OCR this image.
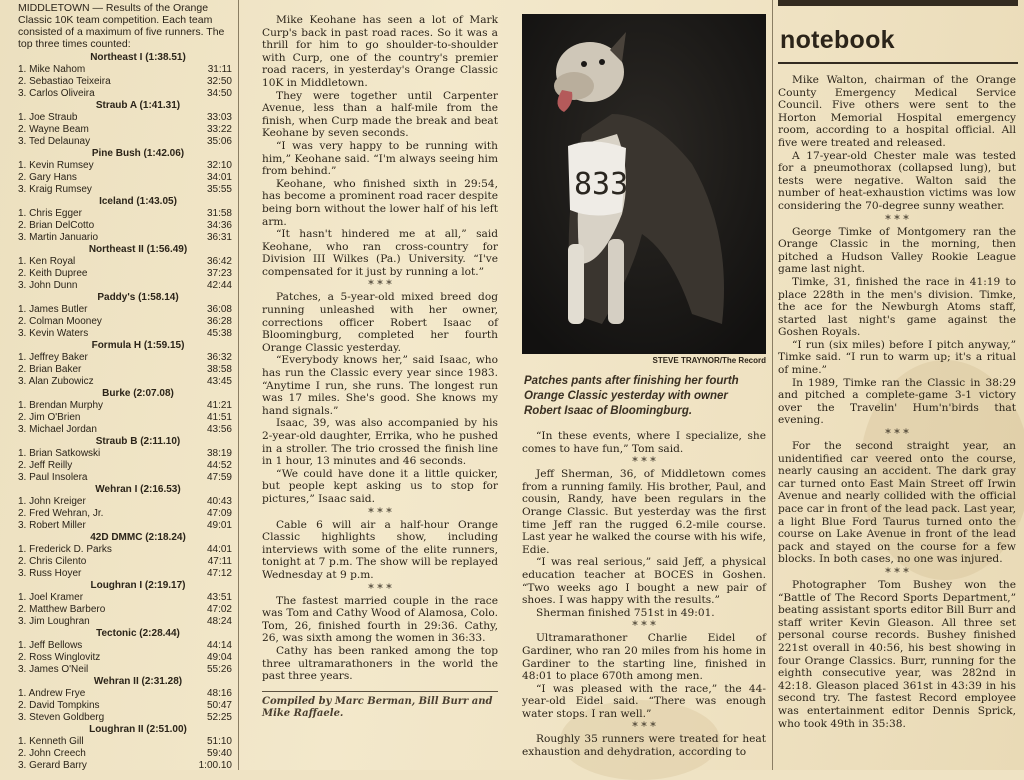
MIDDLETOWN — Results of the Orange Classic 10K team competition. Each team consisted of a maximum of five runners. The top three times counted:
Northeast I (1:38.51)
1. Mike Nahom	31:11
2. Sebastiao Teixeira	32:50
3. Carlos Oliveira	34:50
Straub A (1:41.31)
1. Joe Straub	33:03
2. Wayne Beam	33:22
3. Ted Delaunay	35:06
Pine Bush (1:42.06)
1. Kevin Rumsey	32:10
2. Gary Hans	34:01
3. Kraig Rumsey	35:55
Iceland (1:43.05)
1. Chris Egger	31:58
2. Brian DelCotto	34:36
3. Martin Januario	36:31
Northeast II (1:56.49)
1. Ken Royal	36:42
2. Keith Dupree	37:23
3. John Dunn	42:44
Paddy's (1:58.14)
1. James Butler	36:08
2. Colman Mooney	36:28
3. Kevin Waters	45:38
Formula H (1:59.15)
1. Jeffrey Baker	36:32
2. Brian Baker	38:58
3. Alan Zubowicz	43:45
Burke (2:07.08)
1. Brendan Murphy	41:21
2. Jim O'Brien	41:51
3. Michael Jordan	43:56
Straub B (2:11.10)
1. Brian Satkowski	38:19
2. Jeff Reilly	44:52
3. Paul Insolera	47:59
Wehran I (2:16.53)
1. John Kreiger	40:43
2. Fred Wehran, Jr.	47:09
3. Robert Miller	49:01
42D DMMC (2:18.24)
1. Frederick D. Parks	44:01
2. Chris Cilento	47:11
3. Russ Hoyer	47:12
Loughran I (2:19.17)
1. Joel Kramer	43:51
2. Matthew Barbero	47:02
3. Jim Loughran	48:24
Tectonic (2:28.44)
1. Jeff Bellows	44:14
2. Ross Winglovitz	49:04
3. James O'Neil	55:26
Wehran II (2:31.28)
1. Andrew Frye	48:16
2. David Tompkins	50:47
3. Steven Goldberg	52:25
Loughran II (2:51.00)
1. Kenneth Gill	51:10
2. John Creech	59:40
3. Gerard Barry	1:00.10

Mike Keohane has seen a lot of Mark Curp's back in past road races. So it was a thrill for him to go shoulder-to-shoulder with Curp, one of the country's premier road racers, in yesterday's Orange Classic 10K in Middletown.

They were together until Carpenter Avenue, less than a half-mile from the finish, when Curp made the break and beat Keohane by seven seconds.

“I was very happy to be running with him,” Keohane said. “I'm always seeing him from behind.”

Keohane, who finished sixth in 29:54, has become a prominent road racer despite being born without the lower half of his left arm.

“It hasn't hindered me at all,” said Keohane, who ran cross-country for Division III Wilkes (Pa.) University. “I've compensated for it just by running a lot.”

* * *

Patches, a 5-year-old mixed breed dog running unleashed with her owner, corrections officer Robert Isaac of Bloomingburg, completed her fourth Orange Classic yesterday.

“Everybody knows her,” said Isaac, who has run the Classic every year since 1983. “Anytime I run, she runs. The longest run was 17 miles. She's good. She knows my hand signals.”

Isaac, 39, was also accompanied by his 2-year-old daughter, Errika, who he pushed in a stroller. The trio crossed the finish line in 1 hour, 13 minutes and 46 seconds.

“We could have done it a little quicker, but people kept asking us to stop for pictures,” Isaac said.

* * *

Cable 6 will air a half-hour Orange Classic highlights show, including interviews with some of the elite runners, tonight at 7 p.m. The show will be replayed Wednesday at 9 p.m.

* * *

The fastest married couple in the race was Tom and Cathy Wood of Alamosa, Colo. Tom, 26, finished fourth in 29:36. Cathy, 26, was sixth among the women in 36:33.

Cathy has been ranked among the top three ultramarathoners in the world the past three years.

Compiled by Marc Berman, Bill Burr and Mike Raffaele.
833
STEVE TRAYNOR/The Record
Patches pants after finishing her fourth Orange Classic yesterday with owner Robert Isaac of Bloomingburg.

“In these events, where I specialize, she comes to have fun,” Tom said.

* * *

Jeff Sherman, 36, of Middletown comes from a running family. His brother, Paul, and cousin, Randy, have been regulars in the Orange Classic. But yesterday was the first time Jeff ran the rugged 6.2-mile course. Last year he walked the course with his wife, Edie.

“I was real serious,” said Jeff, a physical education teacher at BOCES in Goshen. “Two weeks ago I bought a new pair of shoes. I was happy with the results.”

Sherman finished 751st in 49:01.

* * *

Ultramarathoner Charlie Eidel of Gardiner, who ran 20 miles from his home in Gardiner to the starting line, finished in 48:01 to place 670th among men.

“I was pleased with the race,” the 44-year-old Eidel said. “There was enough water stops. I ran well.”

* * *

Roughly 35 runners were treated for heat exhaustion and dehydration, according to

notebook

Mike Walton, chairman of the Orange County Emergency Medical Service Council. Five others were sent to the Horton Memorial Hospital emergency room, according to a hospital official. All five were treated and released.

A 17-year-old Chester male was tested for a pneumothorax (collapsed lung), but tests were negative. Walton said the number of heat-exhaustion victims was low considering the 70-degree sunny weather.

* * *

George Timke of Montgomery ran the Orange Classic in the morning, then pitched a Hudson Valley Rookie League game last night.

Timke, 31, finished the race in 41:19 to place 228th in the men's division. Timke, the ace for the Newburgh Atoms staff, started last night's game against the Goshen Royals.

“I run (six miles) before I pitch anyway,” Timke said. “I run to warm up; it's a ritual of mine.”

In 1989, Timke ran the Classic in 38:29 and pitched a complete-game 3-1 victory over the Travelin' Hum'n'birds that evening.

* * *

For the second straight year, an unidentified car veered onto the course, nearly causing an accident. The dark gray car turned onto East Main Street off Irwin Avenue and nearly collided with the official pace car in front of the lead pack. Last year, a light Blue Ford Taurus turned onto the course on Lake Avenue in front of the lead pack and stayed on the course for a few blocks. In both cases, no one was injured.

* * *

Photographer Tom Bushey won the “Battle of The Record Sports Department,” beating assistant sports editor Bill Burr and staff writer Kevin Gleason. All three set personal course records. Bushey finished 221st overall in 40:56, his best showing in four Orange Classics. Burr, running for the eighth consecutive year, was 282nd in 42:18. Gleason placed 361st in 43:39 in his second try. The fastest Record employee was entertainment editor Dennis Sprick, who took 49th in 35:38.
